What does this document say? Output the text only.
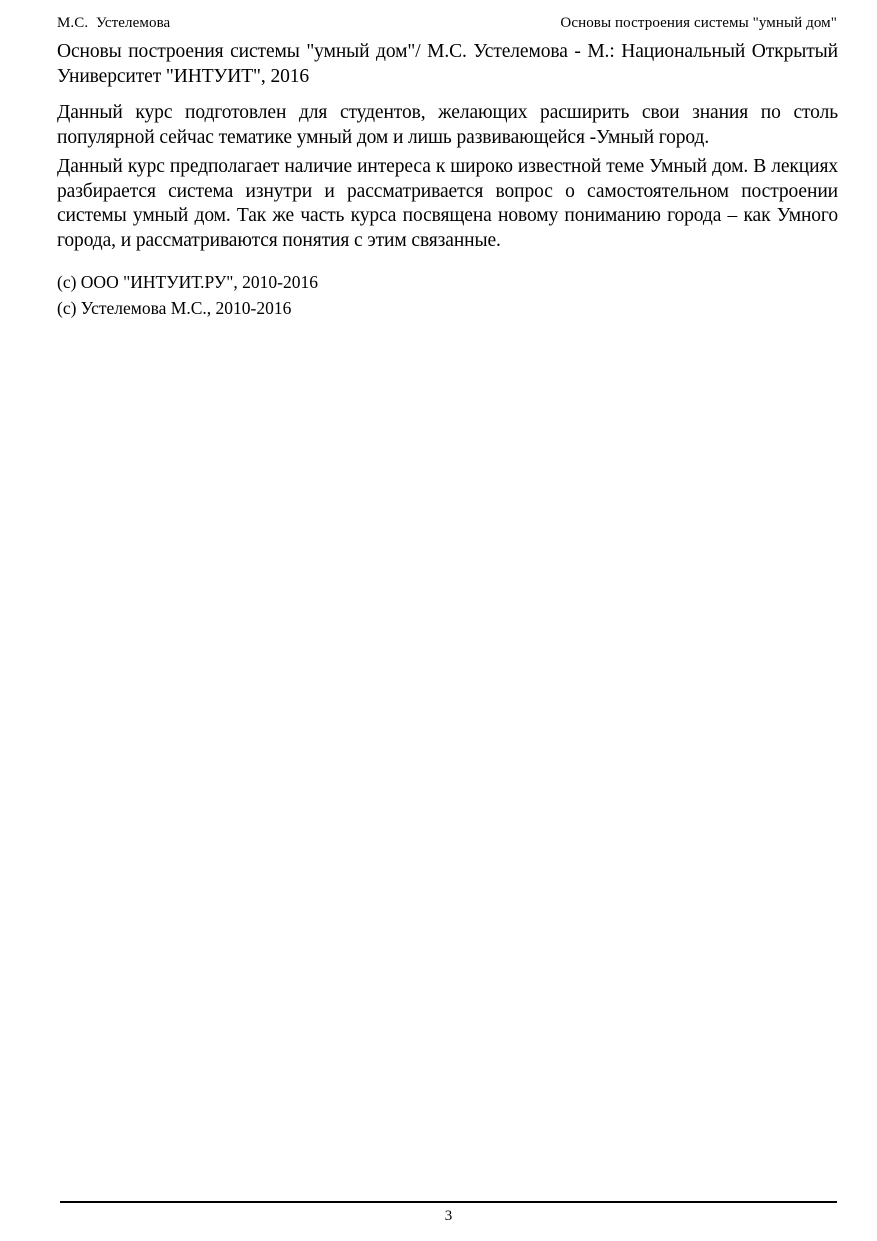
М.С.  Устелемова	Основы построения системы "умный дом"

Основы построения системы "умный дом"/ М.С. Устелемова - М.: Национальный Открытый Университет "ИНТУИТ", 2016

Данный курс подготовлен для студентов, желающих расширить свои знания по столь популярной сейчас тематике умный дом и лишь развивающейся -Умный город.

Данный курс предполагает наличие интереса к широко известной теме Умный дом. В лекциях разбирается система изнутри и рассматривается вопрос о самостоятельном построении системы умный дом. Так же часть курса посвящена новому пониманию города – как Умного города, и рассматриваются понятия с этим связанные.

(c) ООО "ИНТУИТ.РУ", 2010-2016

(c) Устелемова М.С., 2010-2016

3
